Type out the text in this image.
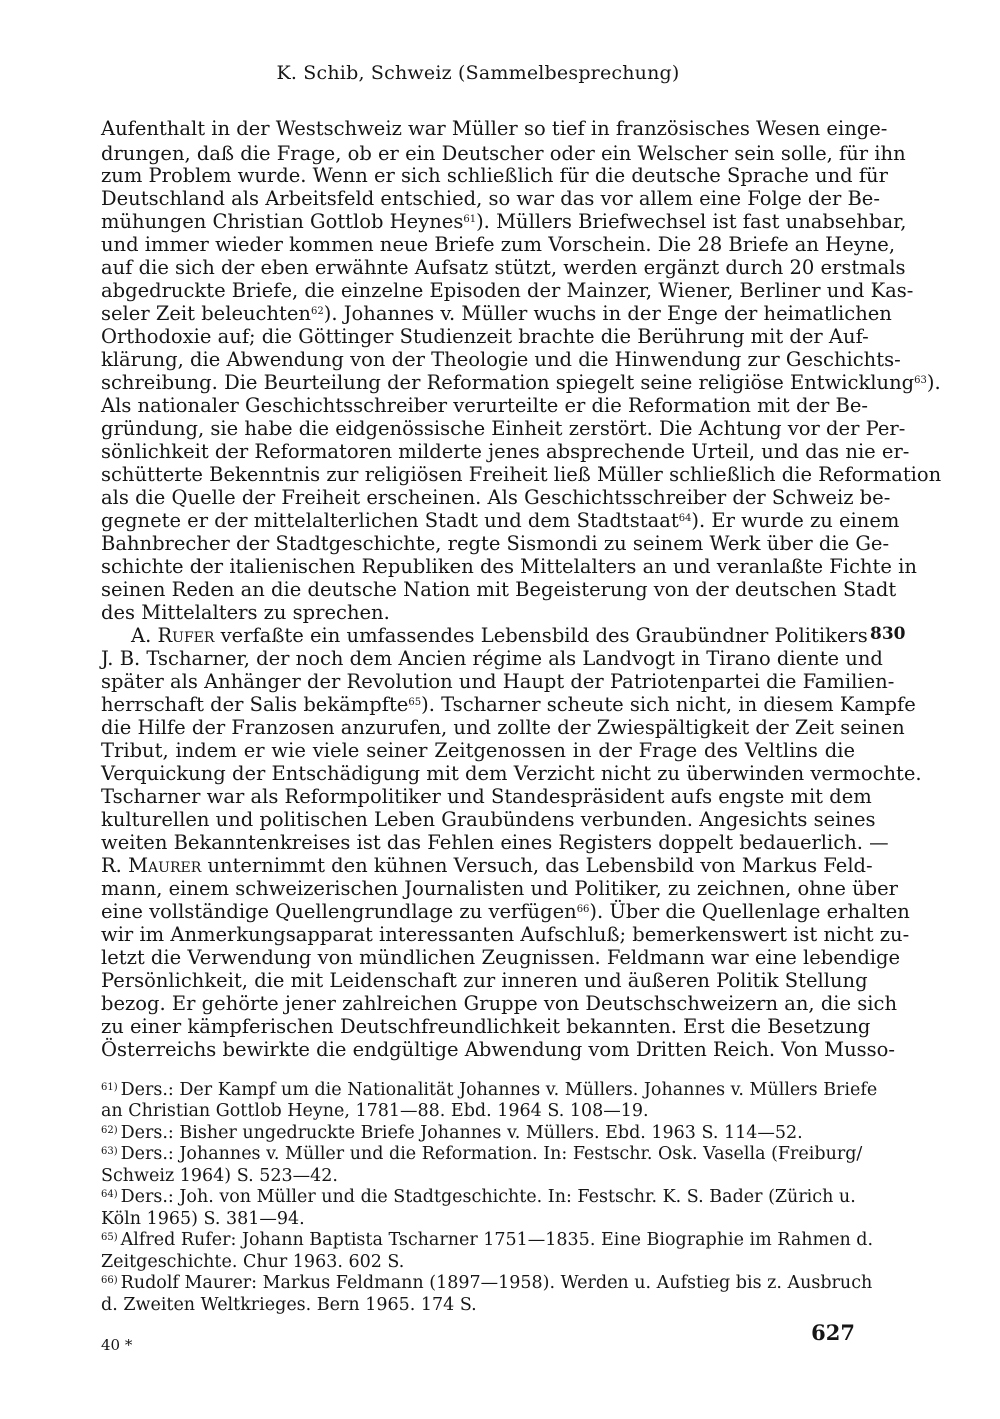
K. Schib, Schweiz (Sammelbesprechung)
Aufenthalt in der Westschweiz war Müller so tief in französisches Wesen einge-
drungen, daß die Frage, ob er ein Deutscher oder ein Welscher sein solle, für ihn
zum Problem wurde. Wenn er sich schließlich für die deutsche Sprache und für
Deutschland als Arbeitsfeld entschied, so war das vor allem eine Folge der Be-
mühungen Christian Gottlob Heynes$^{61}$). Müllers Briefwechsel ist fast unabsehbar,
und immer wieder kommen neue Briefe zum Vorschein. Die 28 Briefe an Heyne,
auf die sich der eben erwähnte Aufsatz stützt, werden ergänzt durch 20 erstmals
abgedruckte Briefe, die einzelne Episoden der Mainzer, Wiener, Berliner und Kas-
seler Zeit beleuchten$^{62}$). Johannes v. Müller wuchs in der Enge der heimatlichen
Orthodoxie auf; die Göttinger Studienzeit brachte die Berührung mit der Auf-
klärung, die Abwendung von der Theologie und die Hinwendung zur Geschichts-
schreibung. Die Beurteilung der Reformation spiegelt seine religiöse Entwicklung$^{63}$).
Als nationaler Geschichtsschreiber verurteilte er die Reformation mit der Be-
gründung, sie habe die eidgenössische Einheit zerstört. Die Achtung vor der Per-
sönlichkeit der Reformatoren milderte jenes absprechende Urteil, und das nie er-
schütterte Bekenntnis zur religiösen Freiheit ließ Müller schließlich die Reformation
als die Quelle der Freiheit erscheinen. Als Geschichtsschreiber der Schweiz be-
gegnete er der mittelalterlichen Stadt und dem Stadtstaat$^{64}$). Er wurde zu einem
Bahnbrecher der Stadtgeschichte, regte Sismondi zu seinem Werk über die Ge-
schichte der italienischen Republiken des Mittelalters an und veranlaßte Fichte in
seinen Reden an die deutsche Nation mit Begeisterung von der deutschen Stadt
des Mittelalters zu sprechen.
A. Rufer verfaßte ein umfassendes Lebensbild des Graubündner Politikers 830
J. B. Tscharner, der noch dem Ancien régime als Landvogt in Tirano diente und
später als Anhänger der Revolution und Haupt der Patriotenpartei die Familien-
herrschaft der Salis bekämpfte$^{65}$). Tscharner scheute sich nicht, in diesem Kampfe
die Hilfe der Franzosen anzurufen, und zollte der Zwiespältigkeit der Zeit seinen
Tribut, indem er wie viele seiner Zeitgenossen in der Frage des Veltlins die
Verquickung der Entschädigung mit dem Verzicht nicht zu überwinden vermochte.
Tscharner war als Reformpolitiker und Standespräsident aufs engste mit dem
kulturellen und politischen Leben Graubündens verbunden. Angesichts seines
weiten Bekanntenkreises ist das Fehlen eines Registers doppelt bedauerlich. —
R. Maurer unternimmt den kühnen Versuch, das Lebensbild von Markus Feld-
mann, einem schweizerischen Journalisten und Politiker, zu zeichnen, ohne über
eine vollständige Quellengrundlage zu verfügen$^{66}$). Über die Quellenlage erhalten
wir im Anmerkungsapparat interessanten Aufschluß; bemerkenswert ist nicht zu-
letzt die Verwendung von mündlichen Zeugnissen. Feldmann war eine lebendige
Persönlichkeit, die mit Leidenschaft zur inneren und äußeren Politik Stellung
bezog. Er gehörte jener zahlreichen Gruppe von Deutschschweizern an, die sich
zu einer kämpferischen Deutschfreundlichkeit bekannten. Erst die Besetzung
Österreichs bewirkte die endgültige Abwendung vom Dritten Reich. Von Musso-
$^{61)}$ Ders.: Der Kampf um die Nationalität Johannes v. Müllers. Johannes v. Müllers Briefe
an Christian Gottlob Heyne, 1781—88. Ebd. 1964 S. 108—19.
$^{62)}$ Ders.: Bisher ungedruckte Briefe Johannes v. Müllers. Ebd. 1963 S. 114—52.
$^{63)}$ Ders.: Johannes v. Müller und die Reformation. In: Festschr. Osk. Vasella (Freiburg/
Schweiz 1964) S. 523—42.
$^{64)}$ Ders.: Joh. von Müller und die Stadtgeschichte. In: Festschr. K. S. Bader (Zürich u.
Köln 1965) S. 381—94.
$^{65)}$ Alfred Rufer: Johann Baptista Tscharner 1751—1835. Eine Biographie im Rahmen d.
Zeitgeschichte. Chur 1963. 602 S.
$^{66)}$ Rudolf Maurer: Markus Feldmann (1897—1958). Werden u. Aufstieg bis z. Ausbruch
d. Zweiten Weltkrieges. Bern 1965. 174 S.
40 *	627
